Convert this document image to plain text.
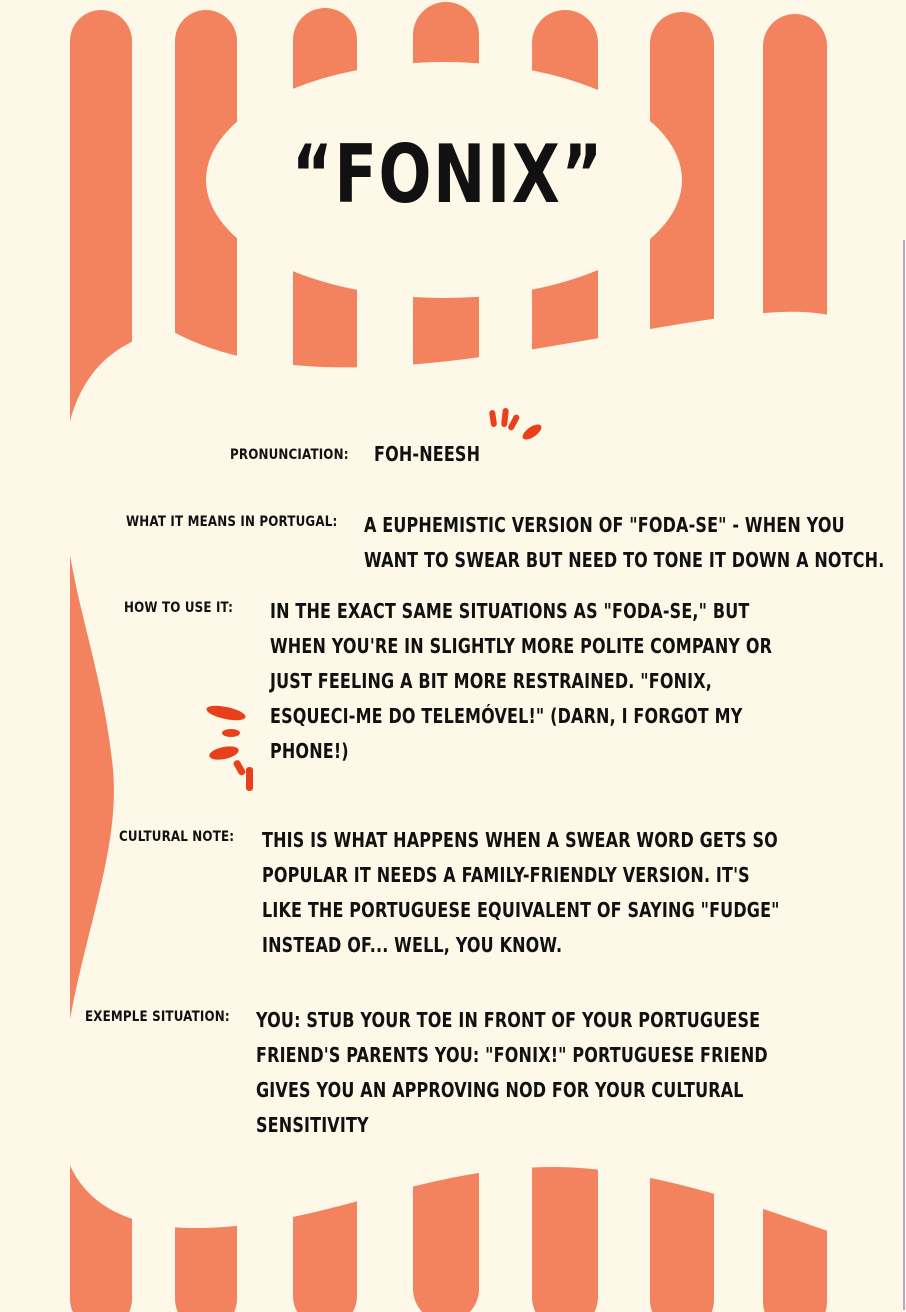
“FONIX”
PRONUNCIATION: FOH-NEESH
WHAT IT MEANS IN PORTUGAL: A EUPHEMISTIC VERSION OF "FODA-SE" - WHEN YOU
WANT TO SWEAR BUT NEED TO TONE IT DOWN A NOTCH.
HOW TO USE IT: IN THE EXACT SAME SITUATIONS AS "FODA-SE," BUT
WHEN YOU'RE IN SLIGHTLY MORE POLITE COMPANY OR
JUST FEELING A BIT MORE RESTRAINED. "FONIX,
ESQUECI-ME DO TELEMÓVEL!" (DARN, I FORGOT MY
PHONE!)
CULTURAL NOTE: THIS IS WHAT HAPPENS WHEN A SWEAR WORD GETS SO
POPULAR IT NEEDS A FAMILY-FRIENDLY VERSION. IT'S
LIKE THE PORTUGUESE EQUIVALENT OF SAYING "FUDGE"
INSTEAD OF... WELL, YOU KNOW.
EXEMPLE SITUATION: YOU: STUB YOUR TOE IN FRONT OF YOUR PORTUGUESE
FRIEND'S PARENTS YOU: "FONIX!" PORTUGUESE FRIEND
GIVES YOU AN APPROVING NOD FOR YOUR CULTURAL
SENSITIVITY
